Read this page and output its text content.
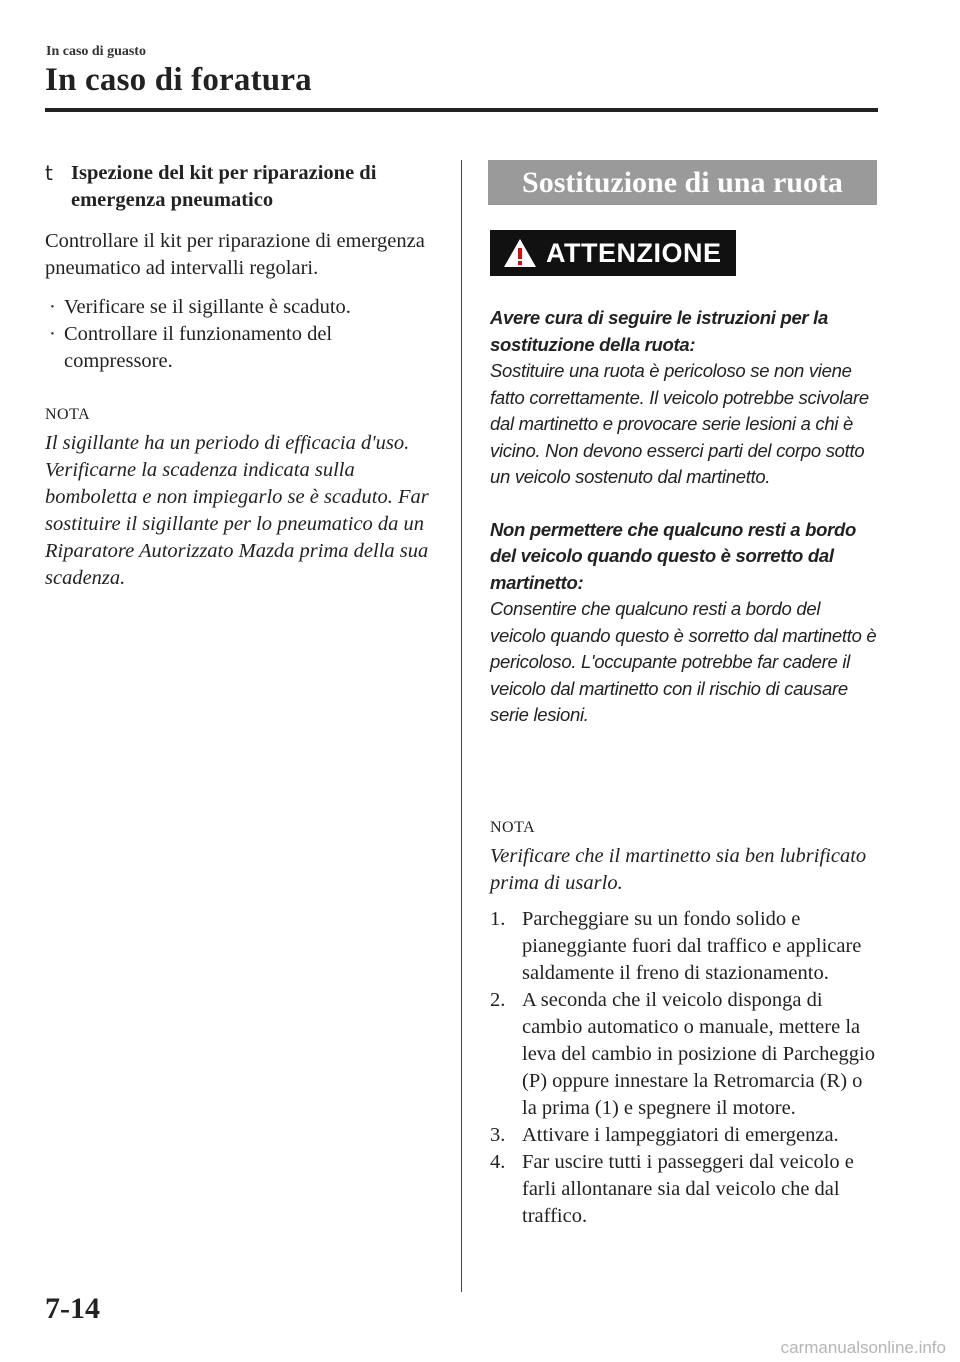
In caso di guasto
In caso di foratura
t Ispezione del kit per riparazione di emergenza pneumatico

Controllare il kit per riparazione di emergenza pneumatico ad intervalli regolari.

· Verificare se il sigillante è scaduto.
· Controllare il funzionamento del compressore.
NOTA
Il sigillante ha un periodo di efficacia d'uso. Verificarne la scadenza indicata sulla bomboletta e non impiegarlo se è scaduto. Far sostituire il sigillante per lo pneumatico da un Riparatore Autorizzato Mazda prima della sua scadenza.
Sostituzione di una ruota
ATTENZIONE
Avere cura di seguire le istruzioni per la sostituzione della ruota:
Sostituire una ruota è pericoloso se non viene fatto correttamente. Il veicolo potrebbe scivolare dal martinetto e provocare serie lesioni a chi è vicino. Non devono esserci parti del corpo sotto un veicolo sostenuto dal martinetto.
Non permettere che qualcuno resti a bordo del veicolo quando questo è sorretto dal martinetto:
Consentire che qualcuno resti a bordo del veicolo quando questo è sorretto dal martinetto è pericoloso. L'occupante potrebbe far cadere il veicolo dal martinetto con il rischio di causare serie lesioni.
NOTA
Verificare che il martinetto sia ben lubrificato prima di usarlo.
1. Parcheggiare su un fondo solido e pianeggiante fuori dal traffico e applicare saldamente il freno di stazionamento.
2. A seconda che il veicolo disponga di cambio automatico o manuale, mettere la leva del cambio in posizione di Parcheggio (P) oppure innestare la Retromarcia (R) o la prima (1) e spegnere il motore.
3. Attivare i lampeggiatori di emergenza.
4. Far uscire tutti i passeggeri dal veicolo e farli allontanare sia dal veicolo che dal traffico.
7-14
carmanualsonline.info
